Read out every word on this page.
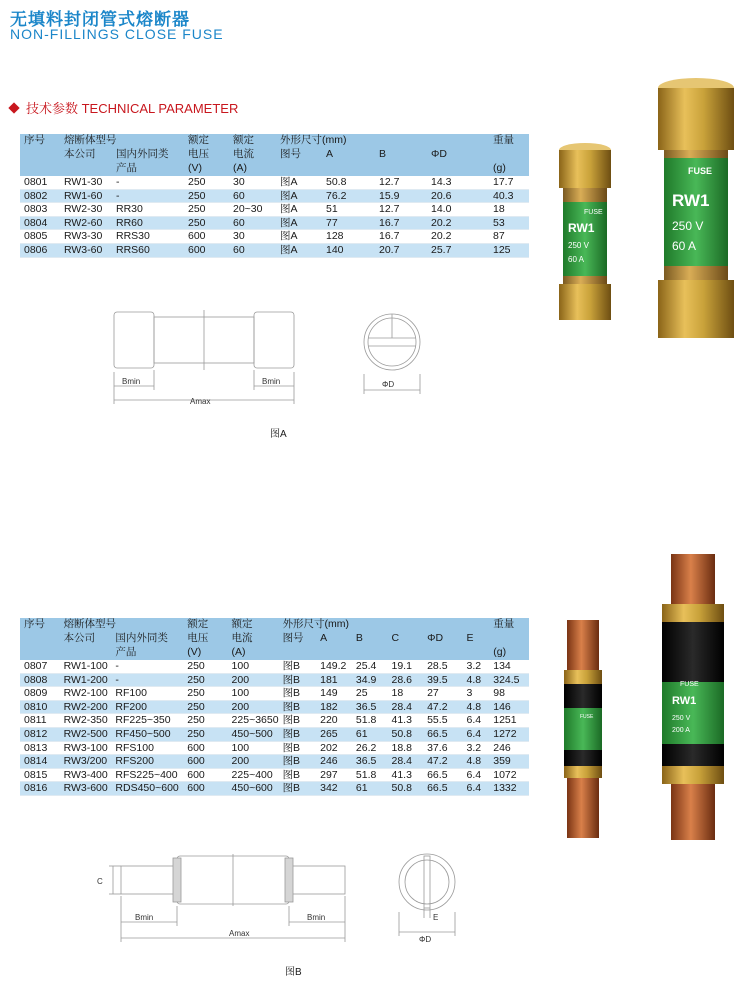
无填料封闭管式熔断器
NON-FILLINGS CLOSE FUSE
技术参数 TECHNICAL PARAMETER
序号	熔断体型号		额定	额定	外形尺寸(mm)				重量
	本公司	国内外同类	电压	电流	图号	A	B	ΦD	
		产品	(V)	(A)					(g)
0801	RW1-30	-	250	30	图A	50.8	12.7	14.3	17.7
0802	RW1-60	-	250	60	图A	76.2	15.9	20.6	40.3
0803	RW2-30	RR30	250	20~30	图A	51	12.7	14.0	18
0804	RW2-60	RR60	250	60	图A	77	16.7	20.2	53
0805	RW3-30	RRS30	600	30	图A	128	16.7	20.2	87
0806	RW3-60	RRS60	600	60	图A	140	20.7	25.7	125
序号	熔断体型号		额定	额定	外形尺寸(mm)						重量
	本公司	国内外同类	电压	电流	图号	A	B	C	ΦD	E	
		产品	(V)	(A)							(g)
0807	RW1-100	-	250	100	图B	149.2	25.4	19.1	28.5	3.2	134
0808	RW1-200	-	250	200	图B	181	34.9	28.6	39.5	4.8	324.5
0809	RW2-100	RF100	250	100	图B	149	25	18	27	3	98
0810	RW2-200	RF200	250	200	图B	182	36.5	28.4	47.2	4.8	146
0811	RW2-350	RF225~350	250	225~3650	图B	220	51.8	41.3	55.5	6.4	1251
0812	RW2-500	RF450~500	250	450~500	图B	265	61	50.8	66.5	6.4	1272
0813	RW3-100	RFS100	600	100	图B	202	26.2	18.8	37.6	3.2	246
0814	RW3/200	RFS200	600	200	图B	246	36.5	28.4	47.2	4.8	359
0815	RW3-400	RFS225~400	600	225~400	图B	297	51.8	41.3	66.5	6.4	1072
0816	RW3-600	RDS450~600	600	450~600	图B	342	61	50.8	66.5	6.4	1332
Bmin	Bmin
Amax
ΦD
图A
C
Bmin	Bmin
Amax
E
ΦD
图B
FUSE
RW1
250 V
60 A
FUSE
RW1
250 V
60 A
FUSE
FUSE
RW1
250 V
200 A
